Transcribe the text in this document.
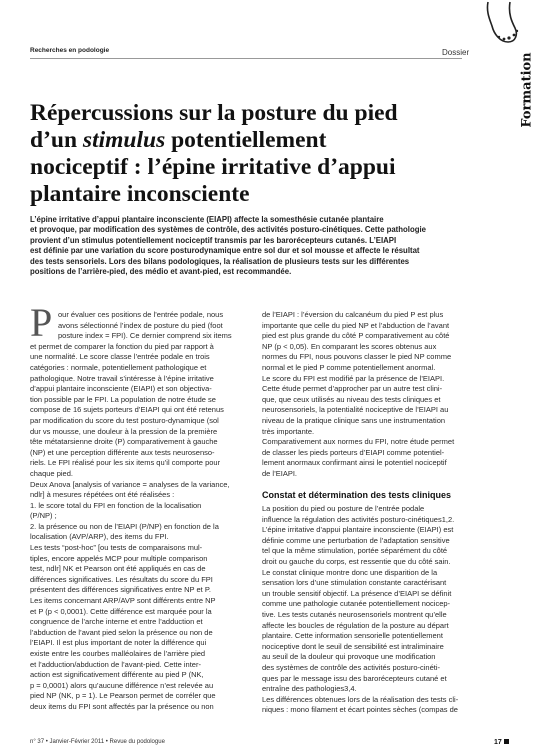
Recherches en podologie	Dossier	Formation
Répercussions sur la posture du pied
d’un stimulus potentiellement
nociceptif : l’épine irritative d’appui
plantaire inconsciente
L’épine irritative d’appui plantaire inconsciente (EIAPI) affecte la somesthésie cutanée plantaire
et provoque, par modification des systèmes de contrôle, des activités posturo-cinétiques. Cette pathologie
provient d’un stimulus potentiellement nociceptif transmis par les barorécepteurs cutanés. L’EIAPI
est définie par une variation du score posturodynamique entre sol dur et sol mousse et affecte le résultat
des tests sensoriels. Lors des bilans podologiques, la réalisation de plusieurs tests sur les différentes
positions de l’arrière-pied, des médio et avant-pied, est recommandée.
P our évaluer ces positions de l’entrée podale, nous
avons sélectionné l’index de posture du pied (foot
posture index = FPI). Ce dernier comprend six items
et permet de comparer la fonction du pied par rapport à
une normalité. Le score classe l’entrée podale en trois
catégories : normale, potentiellement pathologique et
pathologique. Notre travail s’intéresse à l’épine irritative
d’appui plantaire inconsciente (EIAPI) et son objectiva-
tion possible par le FPI. La population de notre étude se
compose de 16 sujets porteurs d’EIAPI qui ont été retenus
par modification du score du test posturo-dynamique (sol
dur vs mousse, une douleur à la pression de la première
tête métatarsienne droite (P) comparativement à gauche
(NP) et une perception différente aux tests neurosenso-
riels. Le FPI réalisé pour les six items qu’il comporte pour
chaque pied.
Deux Anova [analysis of variance = analyses de la variance,
ndlr] à mesures répétées ont été réalisées :
1. le score total du FPI en fonction de la localisation
(P/NP) ;
2. la présence ou non de l’EIAPI (P/NP) en fonction de la
localisation (AVP/ARP), des items du FPI.
Les tests “post-hoc” [ou tests de comparaisons mul-
tiples, encore appelés MCP pour multiple comparison
test, ndlr] NK et Pearson ont été appliqués en cas de
différences significatives. Les résultats du score du FPI
présentent des différences significatives entre NP et P.
Les items concernant ARP/AVP sont différents entre NP
et P (p < 0,0001). Cette différence est marquée pour la
congruence de l’arche interne et entre l’adduction et
l’abduction de l’avant pied selon la présence ou non de
l’EIAPI. Il est plus important de noter la différence qui
existe entre les courbes malléolaires de l’arrière pied
et l’adduction/abduction de l’avant-pied. Cette inter-
action est significativement différente au pied P (NK,
p = 0,0001) alors qu’aucune différence n’est relevée au
pied NP (NK, p = 1). Le Pearson permet de corréler que
deux items du FPI sont affectés par la présence ou non
de l’EIAPI : l’éversion du calcanéum du pied P est plus
importante que celle du pied NP et l’abduction de l’avant
pied est plus grande du côté P comparativement au côté
NP (p < 0,05). En comparant les scores obtenus aux
normes du FPI, nous pouvons classer le pied NP comme
normal et le pied P comme potentiellement anormal.
Le score du FPI est modifié par la présence de l’EIAPI.
Cette étude permet d’approcher par un autre test clini-
que, que ceux utilisés au niveau des tests cliniques et
neurosensoriels, la potentialité nociceptive de l’EIAPI au
niveau de la pratique clinique sans une instrumentation
très importante.
Comparativement aux normes du FPI, notre étude permet
de classer les pieds porteurs d’EIAPI comme potentiel-
lement anormaux confirmant ainsi le potentiel nociceptif
de l’EIAPI.
Constat et détermination des tests cliniques
La position du pied ou posture de l’entrée podale
influence la régulation des activités posturo-cinétiques1,2.
L’épine irritative d’appui plantaire inconsciente (EIAPI) est
définie comme une perturbation de l’adaptation sensitive
tel que la même stimulation, portée séparément du côté
droit ou gauche du corps, est ressentie que du côté sain.
Le constat clinique montre donc une disparition de la
sensation lors d’une stimulation constante caractérisant
un trouble sensitif objectif. La présence d’EIAPI se définit
comme une pathologie cutanée potentiellement nocicep-
tive. Les tests cutanés neurosensoriels montrent qu’elle
affecte les boucles de régulation de la posture au départ
plantaire. Cette information sensorielle potentiellement
nociceptive dont le seuil de sensibilité est intraliminaire
au seuil de la douleur qui provoque une modification
des systèmes de contrôle des activités posturo-cinéti-
ques par le message issu des barorécepteurs cutané et
entraîne des pathologies3,4.
Les différences obtenues lors de la réalisation des tests cli-
niques : mono filament et écart pointes sèches (compas de
n° 37 • Janvier-Février 2011 • Revue du podologue	17
